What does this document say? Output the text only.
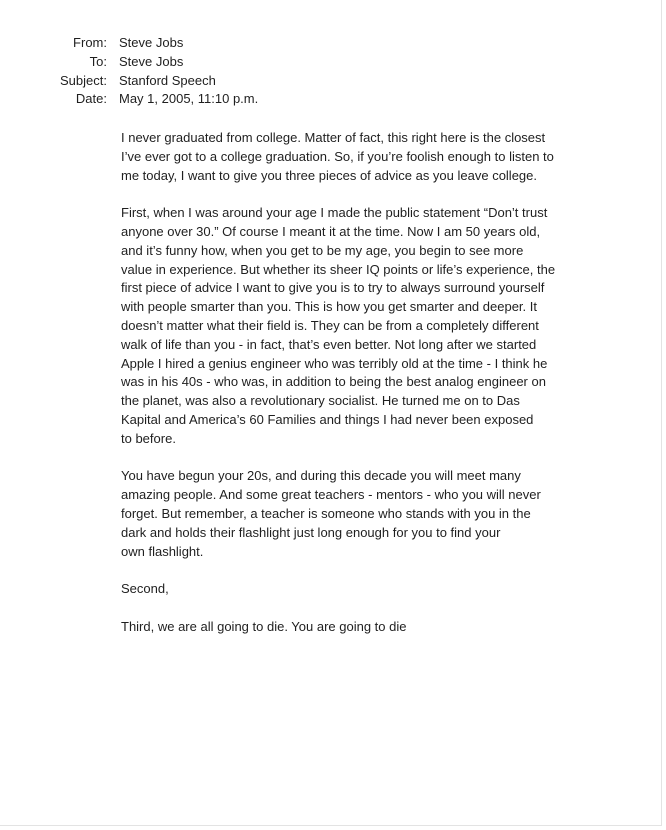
From: Steve Jobs
To: Steve Jobs
Subject: Stanford Speech
Date: May 1, 2005, 11:10 p.m.

I never graduated from college. Matter of fact, this right here is the closest
I’ve ever got to a college graduation. So, if you’re foolish enough to listen to
me today, I want to give you three pieces of advice as you leave college.

First, when I was around your age I made the public statement “Don’t trust
anyone over 30.” Of course I meant it at the time. Now I am 50 years old,
and it’s funny how, when you get to be my age, you begin to see more
value in experience. But whether its sheer IQ points or life’s experience, the
first piece of advice I want to give you is to try to always surround yourself
with people smarter than you. This is how you get smarter and deeper. It
doesn’t matter what their field is. They can be from a completely different
walk of life than you - in fact, that’s even better. Not long after we started
Apple I hired a genius engineer who was terribly old at the time - I think he
was in his 40s - who was, in addition to being the best analog engineer on
the planet, was also a revolutionary socialist. He turned me on to Das
Kapital and America’s 60 Families and things I had never been exposed
to before.

You have begun your 20s, and during this decade you will meet many
amazing people. And some great teachers - mentors - who you will never
forget. But remember, a teacher is someone who stands with you in the
dark and holds their flashlight just long enough for you to find your
own flashlight.

Second,

Third, we are all going to die. You are going to die
